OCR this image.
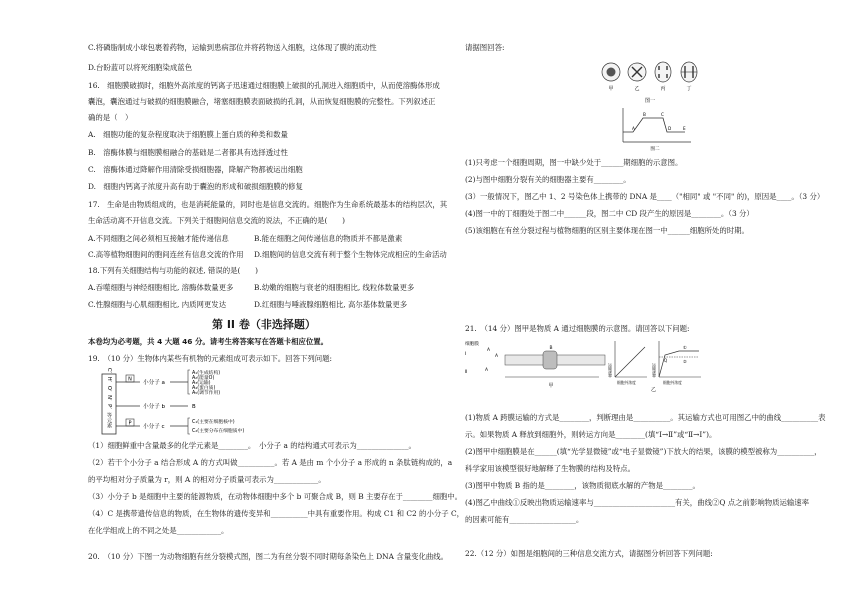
C.将磷脂制成小球包裹着药物，运输到患病部位并将药物送入细胞，这体现了膜的流动性
D.台盼蓝可以将死细胞染成蓝色
16.　细胞膜破损时，细胞外高浓度的钙离子迅速通过细胞膜上破损的孔洞进入细胞质中，从而使溶酶体形成
囊泡，囊泡通过与破损的细胞膜融合，堵塞细胞膜表面破损的孔洞，从而恢复细胞膜的完整性。下列叙述正
确的是（　）
A.　细胞功能的复杂程度取决于细胞膜上蛋白质的种类和数量
B.　溶酶体膜与细胞膜相融合的基础是二者都具有选择透过性
C.　溶酶体通过降解作用清除受损细胞器，降解产物都被运出细胞
D.　细胞内钙离子浓度升高有助于囊泡的形成和破损细胞膜的修复
17.　生命是由物质组成的，也是消耗能量的，同时也是信息交流的。细胞作为生命系统最基本的结构层次，其
生命活动离不开信息交流。下列关于细胞间信息交流的说法，不正确的是(　　)
A.不同细胞之间必须相互接触才能传递信息	B.能在细胞之间传递信息的物质并不都是激素
C.高等植物细胞间的胞间连丝有信息交流的作用 D.细胞间的信息交流有利于整个生物体完成相应的生命活动
18.下列有关细胞结构与功能的叙述, 错误的是(　　)
A.吞噬细胞与神经细胞相比, 溶酶体数量更多	B.幼嫩的细胞与衰老的细胞相比, 线粒体数量更多
C.性腺细胞与心肌细胞相比, 内质网更发达	D.红细胞与唾液腺细胞相比, 高尔基体数量更多
第 II 卷（非选择题）
本卷均为必考题，共 4 大题 46 分。请考生将答案写在答题卡相应位置。
19.　（10 分）生物体内某些有机物的元素组成可表示如下。回答下列问题:
C、H、O、N、P、等元素	N
P
小分子 a
小分子 b
小分子 c
A₁(生成结构)
A₂(能量O)
A₃(运输)
A₄(蛋白质)
A₅(调节作用)
B
C₁(主要在细胞核中)
C₂(主要分布在细胞质中)
（1）细胞鲜重中含量最多的化学元素是________。　小分子 a 的结构通式可表示为______________。
（2）若干个小分子 a 结合形成 A 的方式叫做__________。若 A 是由 m 个小分子 a 形成的 n 条肽链构成的，a
的平均相对分子质量为 r，则 A 的相对分子质量可表示为____________。
（3）小分子 b 是细胞中主要的能源物质，在动物体细胞中多个 b 可聚合成 B，则 B 主要存在于________细胞中。
（4）C 是携带遗传信息的物质，在生物体的遗传变异和__________中具有重要作用。构成 C1 和 C2 的小分子 C，
在化学组成上的不同之处是____________。
20.　（10 分）下图一为动物细胞有丝分裂模式图，图二为有丝分裂不同时期每条染色上 DNA 含量变化曲线。
请据图回答:
甲	乙	丙	丁
图一
A
B	C
D	E
图二
(1)只考虑一个细胞周期，图一中缺少处于______期细胞的示意图。
(2)与图中细胞分裂有关的细胞器主要有________。
(3）一般情况下，图乙中 1、2 号染色体上携带的 DNA 是____（"相同" 或 "不同" 的)，原因是____。（3 分）
(4)图一中的丁细胞处于图二中______段，图二中 CD 段产生的原因是________。（3 分）
(5)该细胞在有丝分裂过程与植物细胞的区别主要体现在图一中______细胞所处的时期。
21.　（14 分）图甲是物质 A 通过细胞膜的示意图。请回答以下问题:
细胞膜
Ⅰ
Ⅱ
A
A
A
B
甲
运输速率
细胞外浓度
①
②
Q
运输速率
细胞外浓度
乙
(1)物质 A 跨膜运输的方式是________，判断理由是__________。其运输方式也可用图乙中的曲线__________表
示。如果物质 A 释放到细胞外，则转运方向是________(填“Ⅰ→Ⅱ”或“Ⅱ→Ⅰ”)。
(2)图甲中细胞膜是在______(填“光学显微镜”或“电子显微镜”)下放大的结果，该膜的模型被称为__________，
科学家用该模型很好地解释了生物膜的结构及特点。
(3)图甲中物质 B 指的是________，该物质彻底水解的产物是________。
(4)图乙中曲线①反映出物质运输速率与______________________有关，曲线②Q 点之前影响物质运输速率
的因素可能有__________________。
22.（12 分）如图是细胞间的三种信息交流方式，请据图分析回答下列问题:
